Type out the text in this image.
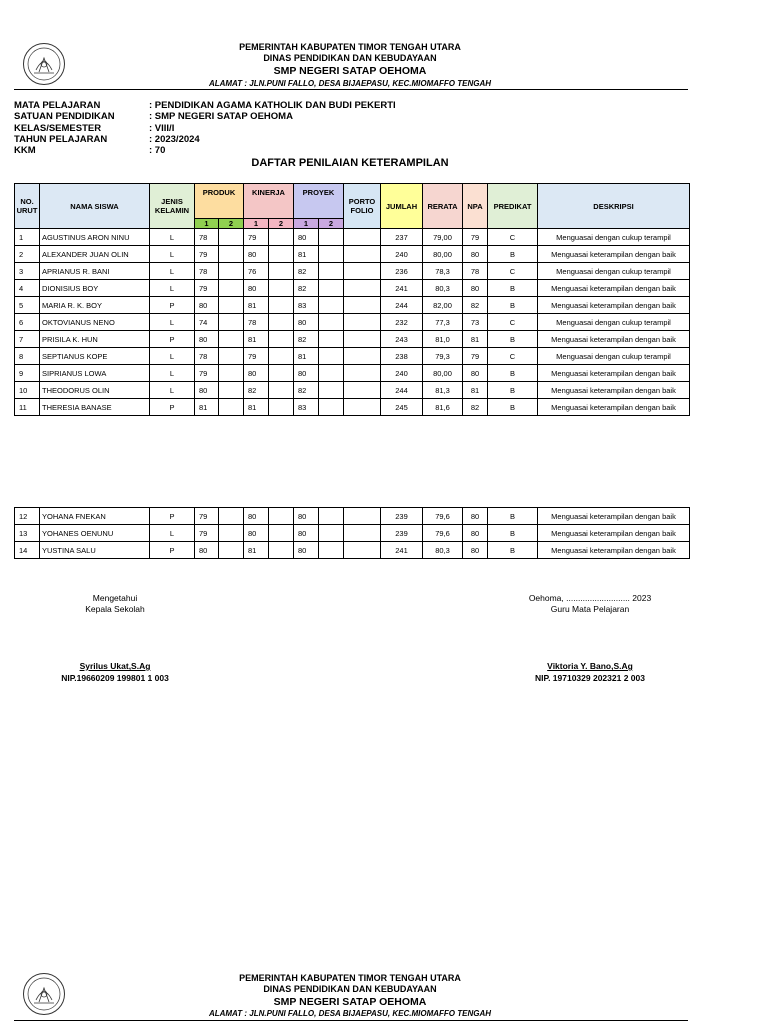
PEMERINTAH KABUPATEN TIMOR TENGAH UTARA
DINAS PENDIDIKAN DAN KEBUDAYAAN
SMP NEGERI SATAP OEHOMA
ALAMAT : JLN.PUNI FALLO, DESA BIJAEPASU, KEC.MIOMAFFO TENGAH
MATA PELAJARAN	: PENDIDIKAN AGAMA KATHOLIK DAN BUDI PEKERTI
SATUAN PENDIDIKAN	: SMP NEGERI SATAP OEHOMA
KELAS/SEMESTER	: VIII/I
TAHUN PELAJARAN	: 2023/2024
KKM	: 70
DAFTAR PENILAIAN KETERAMPILAN
NO. URUT	NAMA SISWA	JENIS KELAMIN	PRODUK		KINERJA		PROYEK		PORTO FOLIO	JUMLAH	RERATA	NPA	PREDIKAT	DESKRIPSI
			1	2	1	2	1	2						
1	AGUSTINUS ARON NINU	L	78		79		80			237	79,00	79	C	Menguasai dengan cukup terampil
2	ALEXANDER JUAN OLIN	L	79		80		81			240	80,00	80	B	Menguasai keterampilan dengan baik
3	APRIANUS R. BANI	L	78		76		82			236	78,3	78	C	Menguasai dengan cukup terampil
4	DIONISIUS BOY	L	79		80		82			241	80,3	80	B	Menguasai keterampilan dengan baik
5	MARIA R. K. BOY	P	80		81		83			244	82,00	82	B	Menguasai keterampilan dengan baik
6	OKTOVIANUS NENO	L	74		78		80			232	77,3	73	C	Menguasai dengan cukup terampil
7	PRISILA K. HUN	P	80		81		82			243	81,0	81	B	Menguasai keterampilan dengan baik
8	SEPTIANUS KOPE	L	78		79		81			238	79,3	79	C	Menguasai dengan cukup terampil
9	SIPRIANUS LOWA	L	79		80		80			240	80,00	80	B	Menguasai keterampilan dengan baik
10	THEODORUS OLIN	L	80		82		82			244	81,3	81	B	Menguasai keterampilan dengan baik
11	THERESIA BANASE	P	81		81		83			245	81,6	82	B	Menguasai keterampilan dengan baik
12	YOHANA FNEKAN	P	79		80		80			239	79,6	80	B	Menguasai keterampilan dengan baik
13	YOHANES OENUNU	L	79		80		80			239	79,6	80	B	Menguasai keterampilan dengan baik
14	YUSTINA SALU	P	80		81		80			241	80,3	80	B	Menguasai keterampilan dengan baik
Mengetahui
Kepala Sekolah
Syrilus Ukat,S.Ag
NIP.19660209 199801 1 003
Oehoma, ........................... 2023
Guru Mata Pelajaran
Viktoria Y. Bano,S.Ag
NIP. 19710329 202321 2 003
PEMERINTAH KABUPATEN TIMOR TENGAH UTARA
DINAS PENDIDIKAN DAN KEBUDAYAAN
SMP NEGERI SATAP OEHOMA
ALAMAT : JLN.PUNI FALLO, DESA BIJAEPASU, KEC.MIOMAFFO TENGAH
